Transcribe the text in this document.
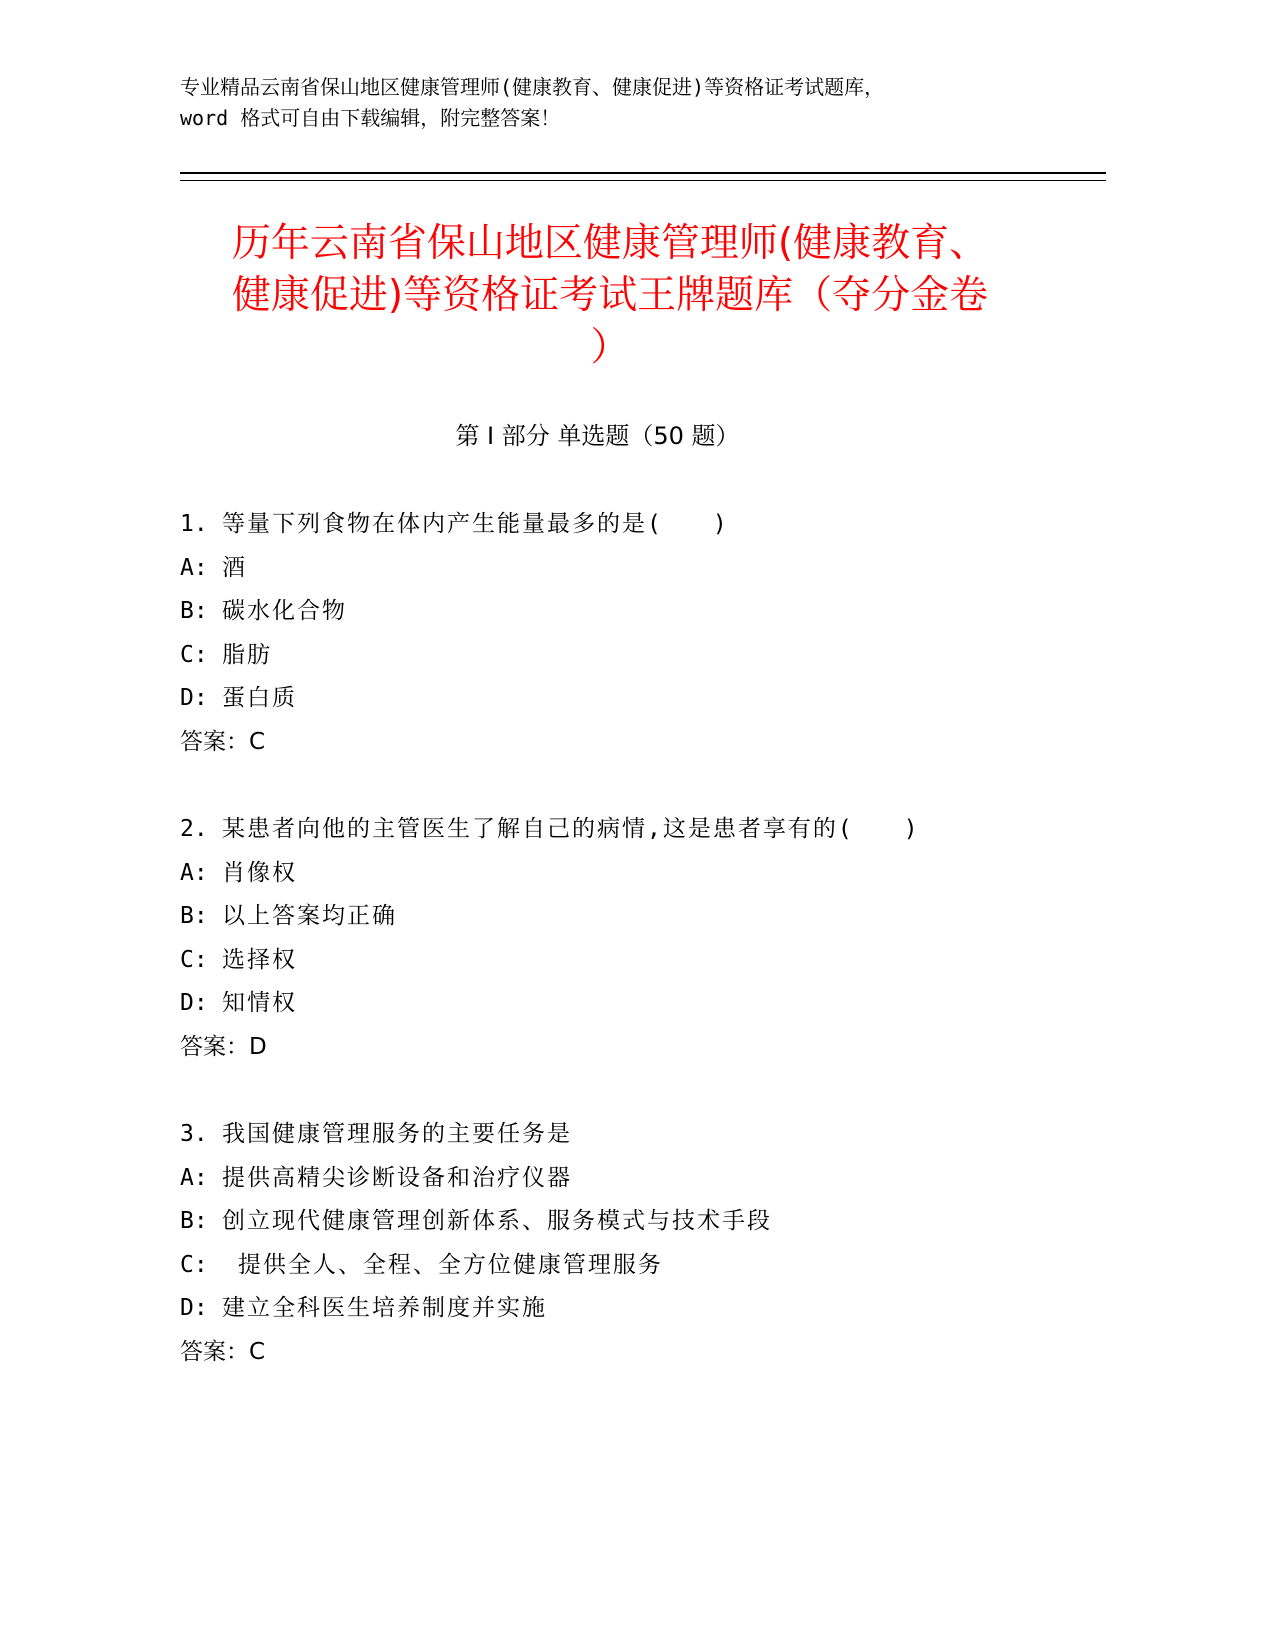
专业精品云南省保山地区健康管理师(健康教育、健康促进)等资格证考试题库，
word 格式可自由下载编辑，附完整答案！
历年云南省保山地区健康管理师(健康教育、
健康促进)等资格证考试王牌题库（夺分金卷
）
第 I 部分 单选题（50 题）
1. 等量下列食物在体内产生能量最多的是(　　)
A: 酒
B: 碳水化合物
C: 脂肪
D: 蛋白质
答案：C
2. 某患者向他的主管医生了解自己的病情,这是患者享有的(　　)
A: 肖像权
B: 以上答案均正确
C: 选择权
D: 知情权
答案：D
3. 我国健康管理服务的主要任务是
A: 提供高精尖诊断设备和治疗仪器
B: 创立现代健康管理创新体系、服务模式与技术手段
C: 提供全人、全程、全方位健康管理服务
D: 建立全科医生培养制度并实施
答案：C
